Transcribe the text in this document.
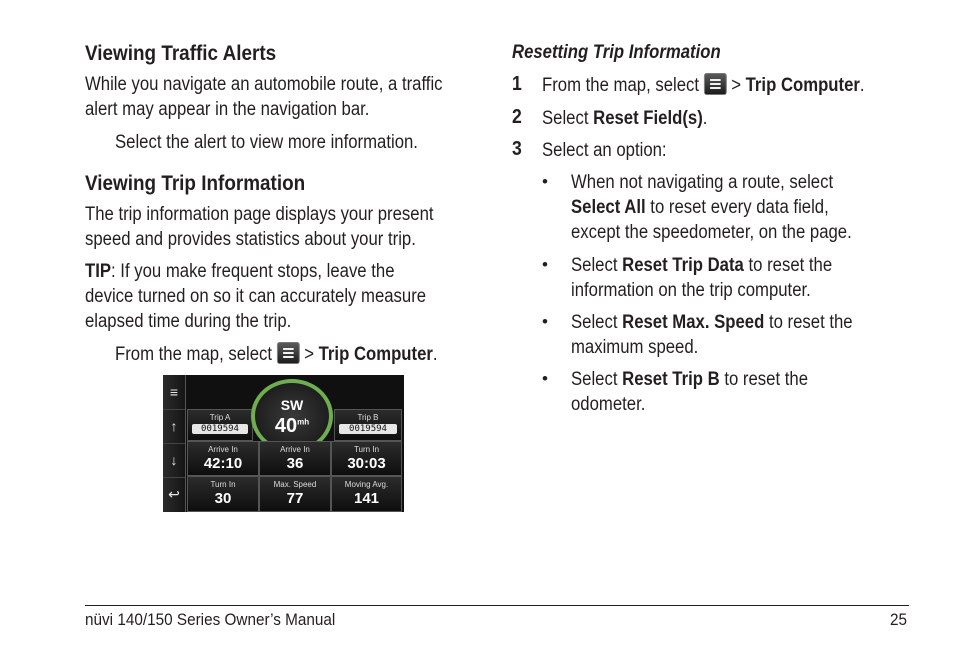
Viewing Traffic Alerts
While you navigate an automobile route, a traffic
alert may appear in the navigation bar.
Select the alert to view more information.
Viewing Trip Information
The trip information page displays your present
speed and provides statistics about your trip.
TIP: If you make frequent stops, leave the
device turned on so it can accurately measure
elapsed time during the trip.
From the map, select > Trip Computer.
≡
↑
↓
↩
Trip A
0019594
SW
$40^{mh}$	Trip B
0019594
Arrive In
42:10
Arrive In
36
Turn In
30:03
Turn In
30
Max. Speed
77
Moving Avg.
141
Resetting Trip Information
1 From the map, select > Trip Computer.
2 Select Reset Field(s).
3 Select an option:
• When not navigating a route, select
Select All to reset every data field,
except the speedometer, on the page.
• Select Reset Trip Data to reset the
information on the trip computer.
• Select Reset Max. Speed to reset the
maximum speed.
• Select Reset Trip B to reset the
odometer.
nüvi 140/150 Series Owner’s Manual	25
